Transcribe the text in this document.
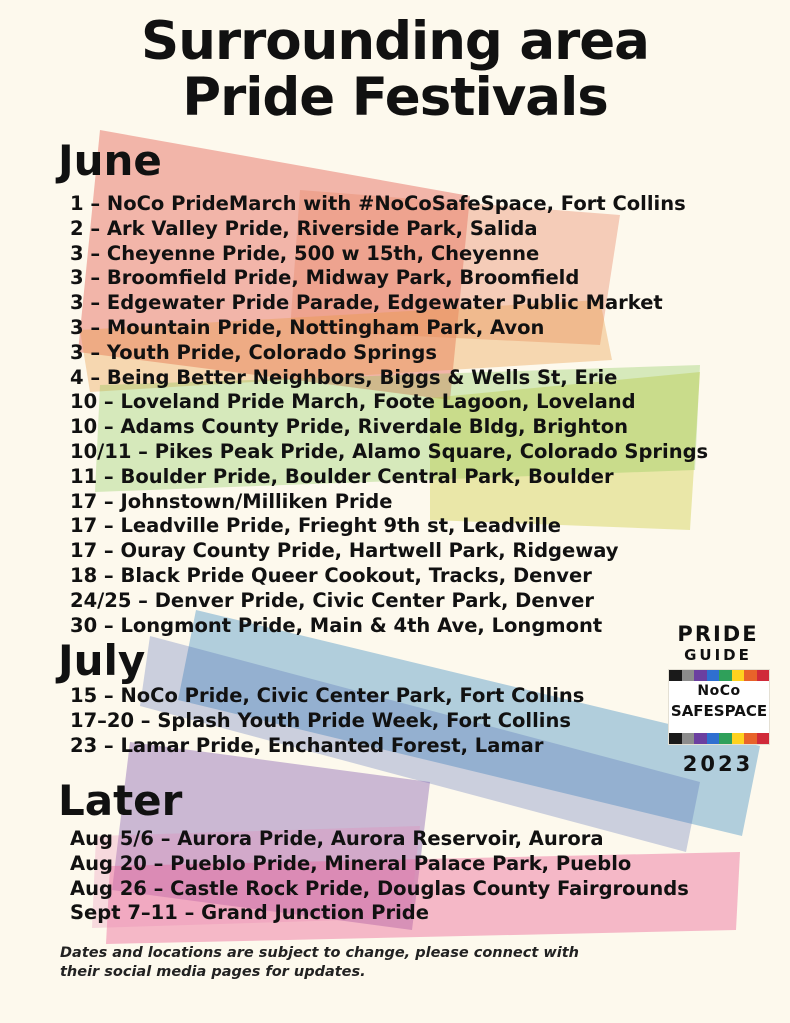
Surrounding area
Pride Festivals
June
1 – NoCo PrideMarch with #NoCoSafeSpace, Fort Collins
2 – Ark Valley Pride, Riverside Park, Salida
3 – Cheyenne Pride, 500 w 15th, Cheyenne
3 – Broomfield Pride, Midway Park, Broomfield
3 – Edgewater Pride Parade, Edgewater Public Market
3 – Mountain Pride, Nottingham Park, Avon
3 – Youth Pride, Colorado Springs
4 – Being Better Neighbors, Biggs & Wells St, Erie
10 – Loveland Pride March, Foote Lagoon, Loveland
10 – Adams County Pride, Riverdale Bldg, Brighton
10/11 – Pikes Peak Pride, Alamo Square, Colorado Springs
11 – Boulder Pride, Boulder Central Park, Boulder
17 – Johnstown/Milliken Pride
17 – Leadville Pride, Frieght 9th st, Leadville
17 – Ouray County Pride, Hartwell Park, Ridgeway
18 – Black Pride Queer Cookout, Tracks, Denver
24/25 – Denver Pride, Civic Center Park, Denver
30 – Longmont Pride, Main & 4th Ave, Longmont
July
15 – NoCo Pride, Civic Center Park, Fort Collins
17–20 – Splash Youth Pride Week, Fort Collins
23 – Lamar Pride, Enchanted Forest, Lamar
Later
Aug 5/6 – Aurora Pride, Aurora Reservoir, Aurora
Aug 20 – Pueblo Pride, Mineral Palace Park, Pueblo
Aug 26 – Castle Rock Pride, Douglas County Fairgrounds
Sept 7–11 – Grand Junction Pride
Dates and locations are subject to change, please connect with their social media pages for updates.
PRIDE
GUIDE
NoCo
SAFESPACE
2023
